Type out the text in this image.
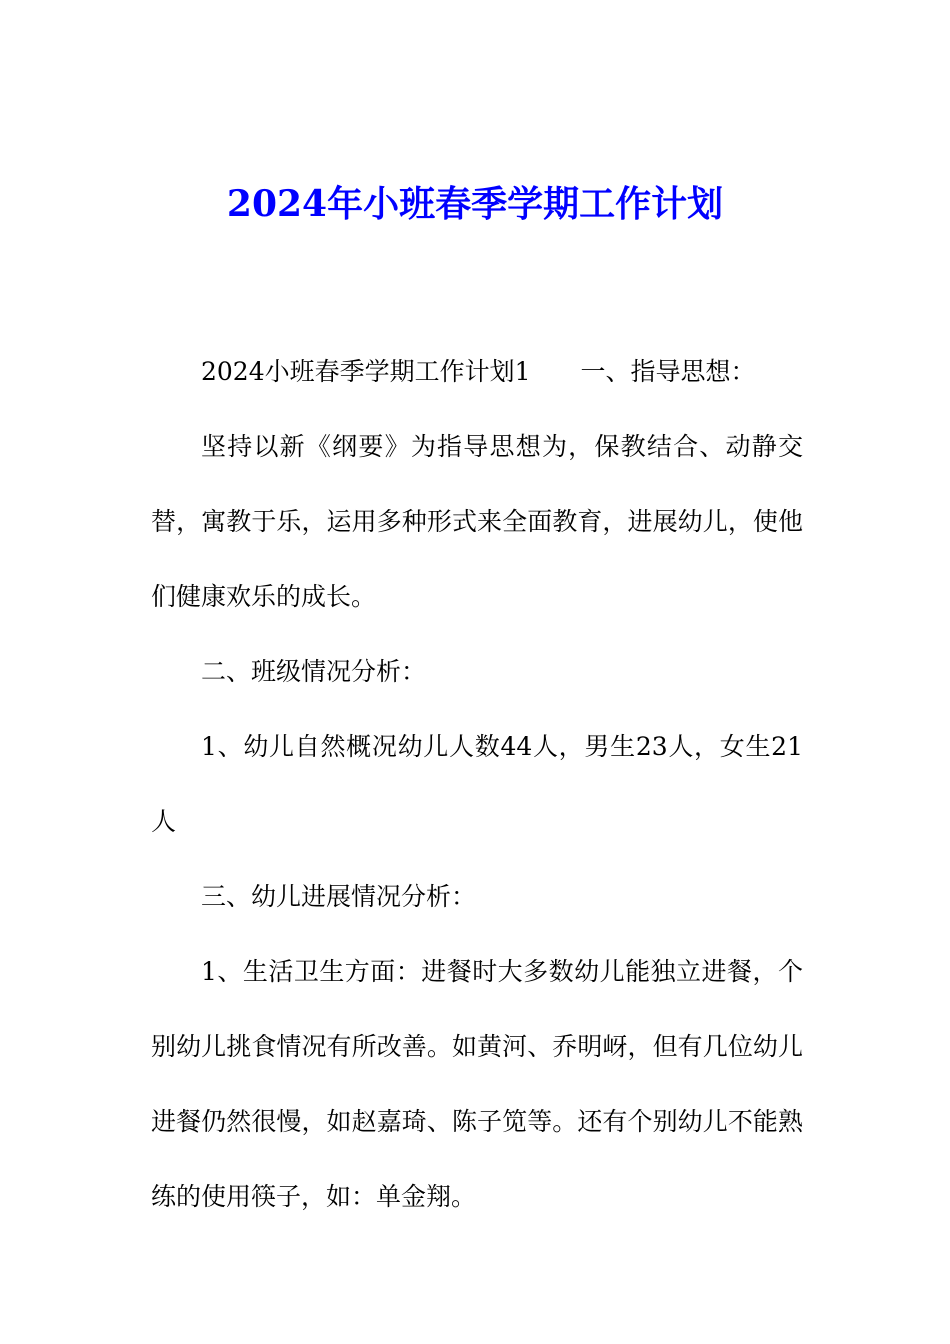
2024年小班春季学期工作计划

2024小班春季学期工作计划1 一、指导思想：

坚持以新《纲要》为指导思想为，保教结合、动静交替，寓教于乐，运用多种形式来全面教育，进展幼儿，使他们健康欢乐的成长。

二、班级情况分析：

1、幼儿自然概况幼儿人数44人，男生23人，女生21人

三、幼儿进展情况分析：

1、生活卫生方面：进餐时大多数幼儿能独立进餐，个别幼儿挑食情况有所改善。如黄河、乔明岈，但有几位幼儿进餐仍然很慢，如赵嘉琦、陈子笕等。还有个别幼儿不能熟练的使用筷子，如：单金翔。
